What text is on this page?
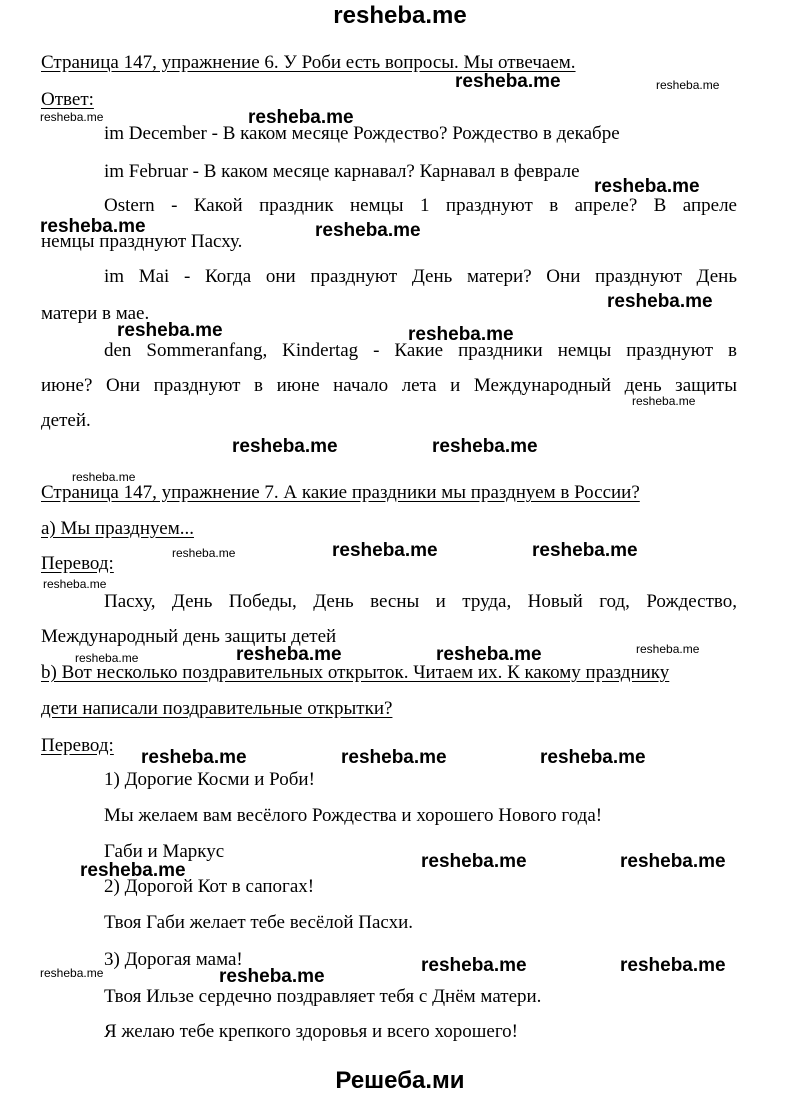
resheba.me
Страница 147, упражнение 6. У Роби есть вопросы. Мы отвечаем.
Ответ:
im December - В каком месяце Рождество? Рождество в декабре
im Februar - В каком месяце карнавал? Карнавал в феврале
Ostern - Какой праздник немцы 1 празднуют в апреле? В апреле
немцы празднуют Пасху.
im Mai - Когда они празднуют День матери? Они празднуют День
матери в мае.
den Sommeranfang, Kindertag - Какие праздники немцы празднуют в
июне? Они празднуют в июне начало лета и Международный день защиты
детей.
Страница 147, упражнение 7. А какие праздники мы празднуем в России?
а) Мы празднуем...
Перевод:
Пасху, День Победы, День весны и труда, Новый год, Рождество,
Международный день защиты детей
b) Вот несколько поздравительных открыток. Читаем их. К какому празднику
дети написали поздравительные открытки?
Перевод:
1) Дорогие Косми и Роби!
Мы желаем вам весёлого Рождества и хорошего Нового года!
Габи и Маркус
2) Дорогой Кот в сапогах!
Твоя Габи желает тебе весёлой Пасхи.
3) Дорогая мама!
Твоя Ильзе сердечно поздравляет тебя с Днём матери.
Я желаю тебе крепкого здоровья и всего хорошего!
Решеба.ми
resheba.me
resheba.me
resheba.me
resheba.me	resheba.me
resheba.me
resheba.me	resheba.me
resheba.me	resheba.me
resheba.me	resheba.me
resheba.me	resheba.me
resheba.me	resheba.me	resheba.me
resheba.me	resheba.me
resheba.me
resheba.me	resheba.me
resheba.me
resheba.me
resheba.me
resheba.me
resheba.me
resheba.me
resheba.me
resheba.me
resheba.me
resheba.me
